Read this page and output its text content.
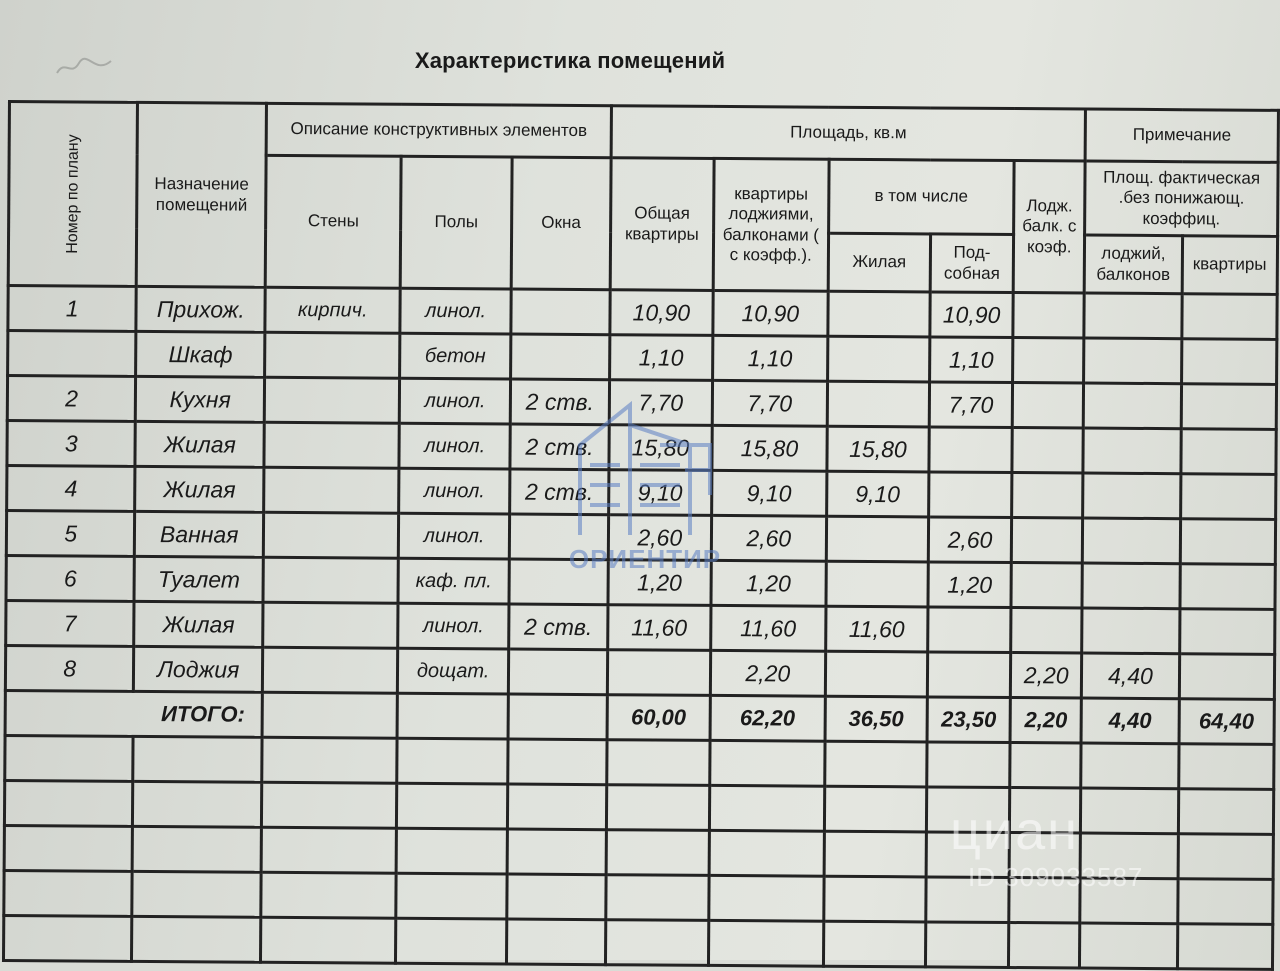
Характеристика помещений
Номер по плану	Назначение помещений	Описание конструктивных элементов			Площадь, кв.м					Примечание	
		Стены	Полы	Окна	Общая квартиры	квартиры лоджиями, балконами ( с коэфф.).	в том числе		Лодж. балк. с коэф.	Площ. фактическая .без понижающ. коэффиц.	
							Жилая	Под-собная		лоджий, балконов	квартиры
1	Прихож.	кирпич.	линол.		10,90	10,90		10,90			
	Шкаф		бетон		1,10	1,10		1,10			
2	Кухня		линол.	2 ств.	7,70	7,70		7,70			
3	Жилая		линол.	2 ств.	15,80	15,80	15,80				
4	Жилая		линол.	2 ств.	9,10	9,10	9,10				
5	Ванная		линол.		2,60	2,60		2,60			
6	Туалет		каф. пл.		1,20	1,20		1,20			
7	Жилая		линол.	2 ств.	11,60	11,60	11,60				
8	Лоджия		дощат.			2,20			2,20	4,40	
ИТОГО:					60,00	62,20	36,50	23,50	2,20	4,40	64,40

ОРИЕНТИР
циан
ID 309033587
